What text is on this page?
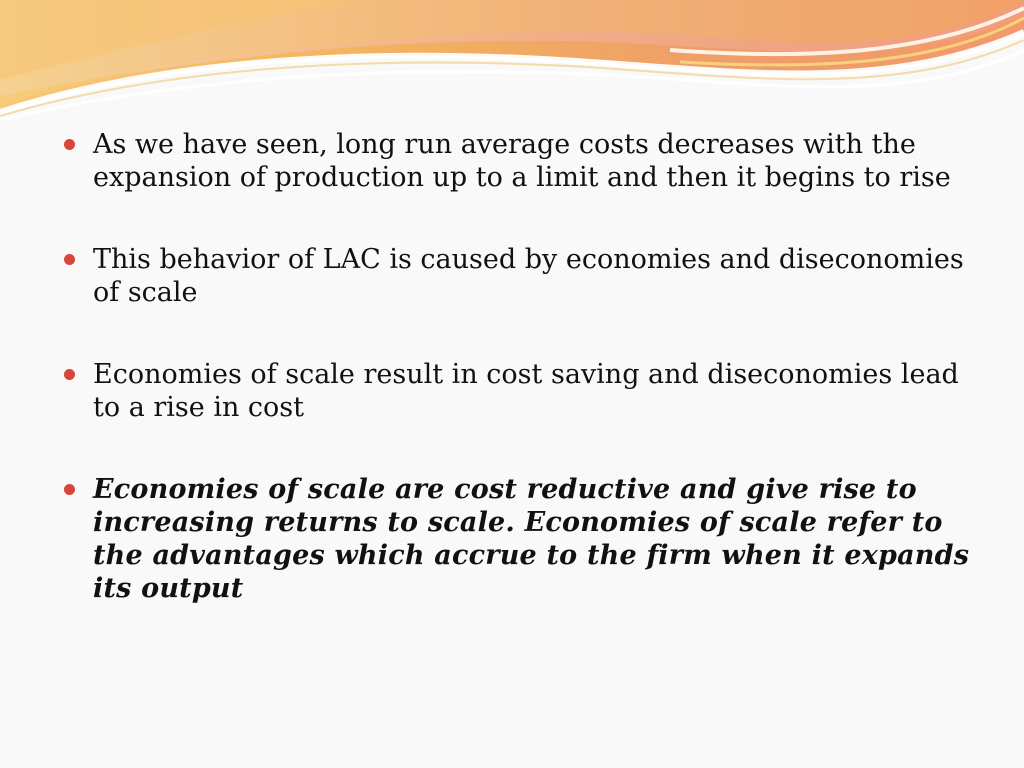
As we have seen, long run average costs decreases with the expansion of production up to a limit and then it begins to rise
This behavior of LAC is caused by economies and diseconomies of scale
Economies of scale result in cost saving and diseconomies lead to a rise in cost
Economies of scale are cost reductive and give rise to increasing returns to scale. Economies of scale refer to the advantages which accrue to the firm when it expands its output
